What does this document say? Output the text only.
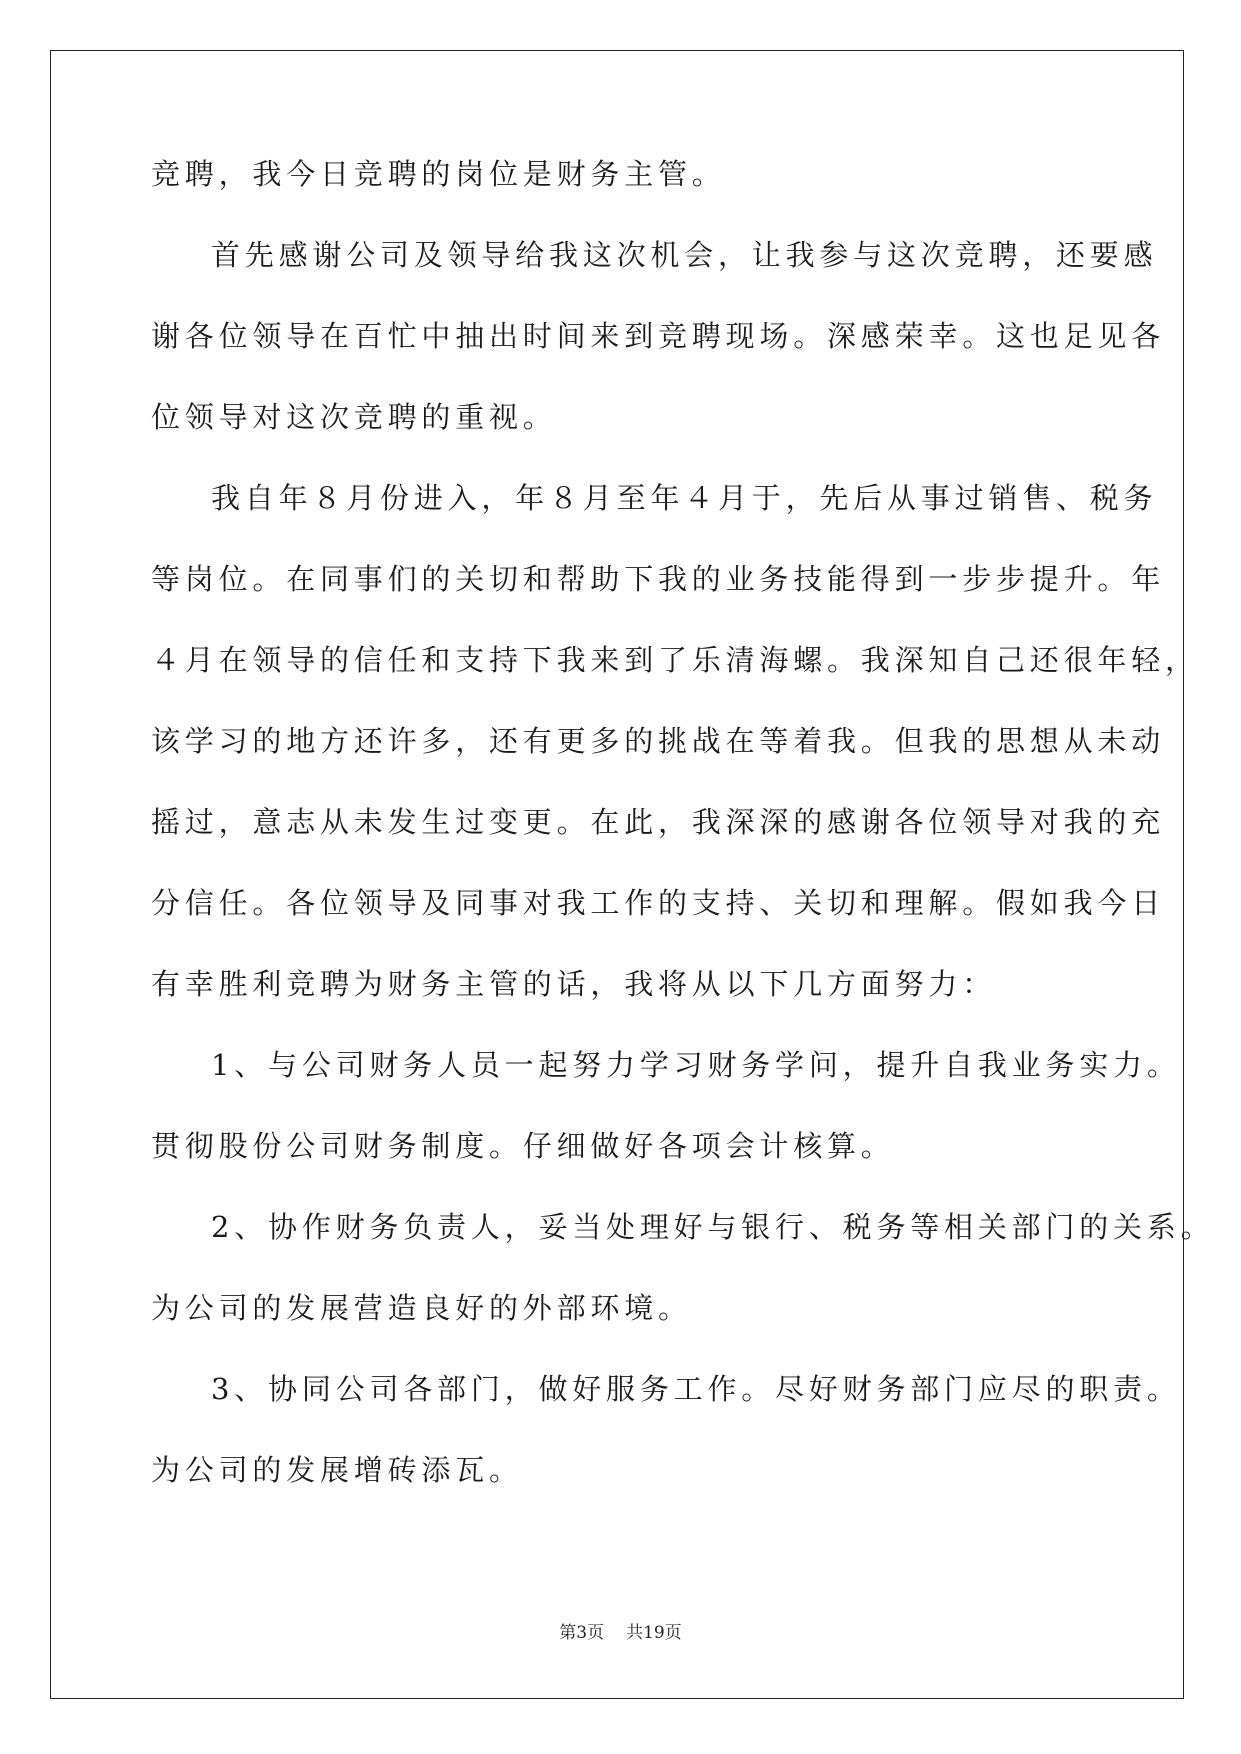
竞聘，我今日竞聘的岗位是财务主管。
首先感谢公司及领导给我这次机会，让我参与这次竞聘，还要感
谢各位领导在百忙中抽出时间来到竞聘现场。深感荣幸。这也足见各
位领导对这次竞聘的重视。
我自年８月份进入，年８月至年４月于，先后从事过销售、税务
等岗位。在同事们的关切和帮助下我的业务技能得到一步步提升。年
４月在领导的信任和支持下我来到了乐清海螺。我深知自己还很年轻，
该学习的地方还许多，还有更多的挑战在等着我。但我的思想从未动
摇过，意志从未发生过变更。在此，我深深的感谢各位领导对我的充
分信任。各位领导及同事对我工作的支持、关切和理解。假如我今日
有幸胜利竞聘为财务主管的话，我将从以下几方面努力：
1、与公司财务人员一起努力学习财务学问，提升自我业务实力。
贯彻股份公司财务制度。仔细做好各项会计核算。
2、协作财务负责人，妥当处理好与银行、税务等相关部门的关系。
为公司的发展营造良好的外部环境。
3、协同公司各部门，做好服务工作。尽好财务部门应尽的职责。
为公司的发展增砖添瓦。
第3页 共19页
